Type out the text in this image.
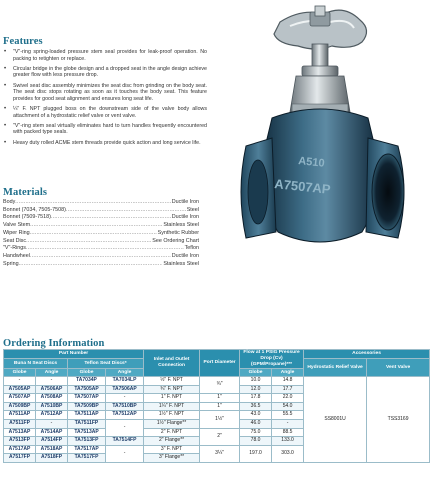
Features
• "V"-ring spring-loaded pressure stem seal provides for leak-proof operation. No packing to retighten or replace.
• Circular bridge in the globe design and a dropped seat in the angle design achieve greater flow with less pressure drop.
• Swivel seat disc assembly minimizes the seat disc from grinding on the body seat. The seat disc stops rotating as soon as it touches the body seat. This feature provides for good seat alignment and ensures long seat life.
• ¼" F. NPT plugged boss on the downstream side of the valve body allows attachment of a hydrostatic relief valve or vent valve.
• "V"-ring stem seal virtually eliminates hard to turn handles frequently encountered with packed type seals.
• Heavy duty rolled ACME stem threads provide quick action and long service life.
Materials
Body .....	Ductile Iron
Bonnet (7034, 7505-7508) .....	Steel
Bonnet (7509-7518) .....	Ductile Iron
Valve Stem .....	Stainless Steel
Wiper Ring .....	Synthetic Rubber
Seat Disc .....	See Ordering Chart
"V"-Rings .....	Teflon
Handwheel .....	Ductile Iron
Spring .....	Stainless Steel
A510
A7507AP
Ordering Information
Part Number				Inlet and Outlet Connection	Port Diameter	Flow at 1 PSIG Pressure Drop (Cv) (GPM/Propane)***		Accessories	
Buna N Seat Discs		Teflon Seat Discs*						Hydrostatic Relief Valve	Vent Valve
Globe	Angle	Globe	Angle			Globe	Angle		
-	-	TA7034P	TA7034LP	½" F. NPT	¾"	10.0	14.8	SS8001U	TSS3169
A7505AP	A7506AP	TA7505AP	TA7506AP	¾" F. NPT		12.0	17.7		
A7507AP	A7508AP	TA7507AP	-	1" F. NPT	1"	17.8	22.0		
A7509BP	A7510BP	TA7509BP	TA7510BP	1¼" F. NPT	1"	36.5	54.0		
A7511AP	A7512AP	TA7511AP	TA7512AP	1½" F. NPT	1½"	43.0	55.5		
A7511FP	-	TA7511FP	-	1½" Flange**		46.0	-		
A7513AP	A7514AP	TA7513AP		2" F. NPT	2"	75.0	88.5		
A7513FP	A7514FP	TA7513FP	TA7514FP	2" Flange**		78.0	133.0		
A7517AP	A7518AP	TA7517AP	-	3" F. NPT	3¼"	197.0	303.0		
A7517FP	A7518FP	TA7517FP		3" Flange**					
